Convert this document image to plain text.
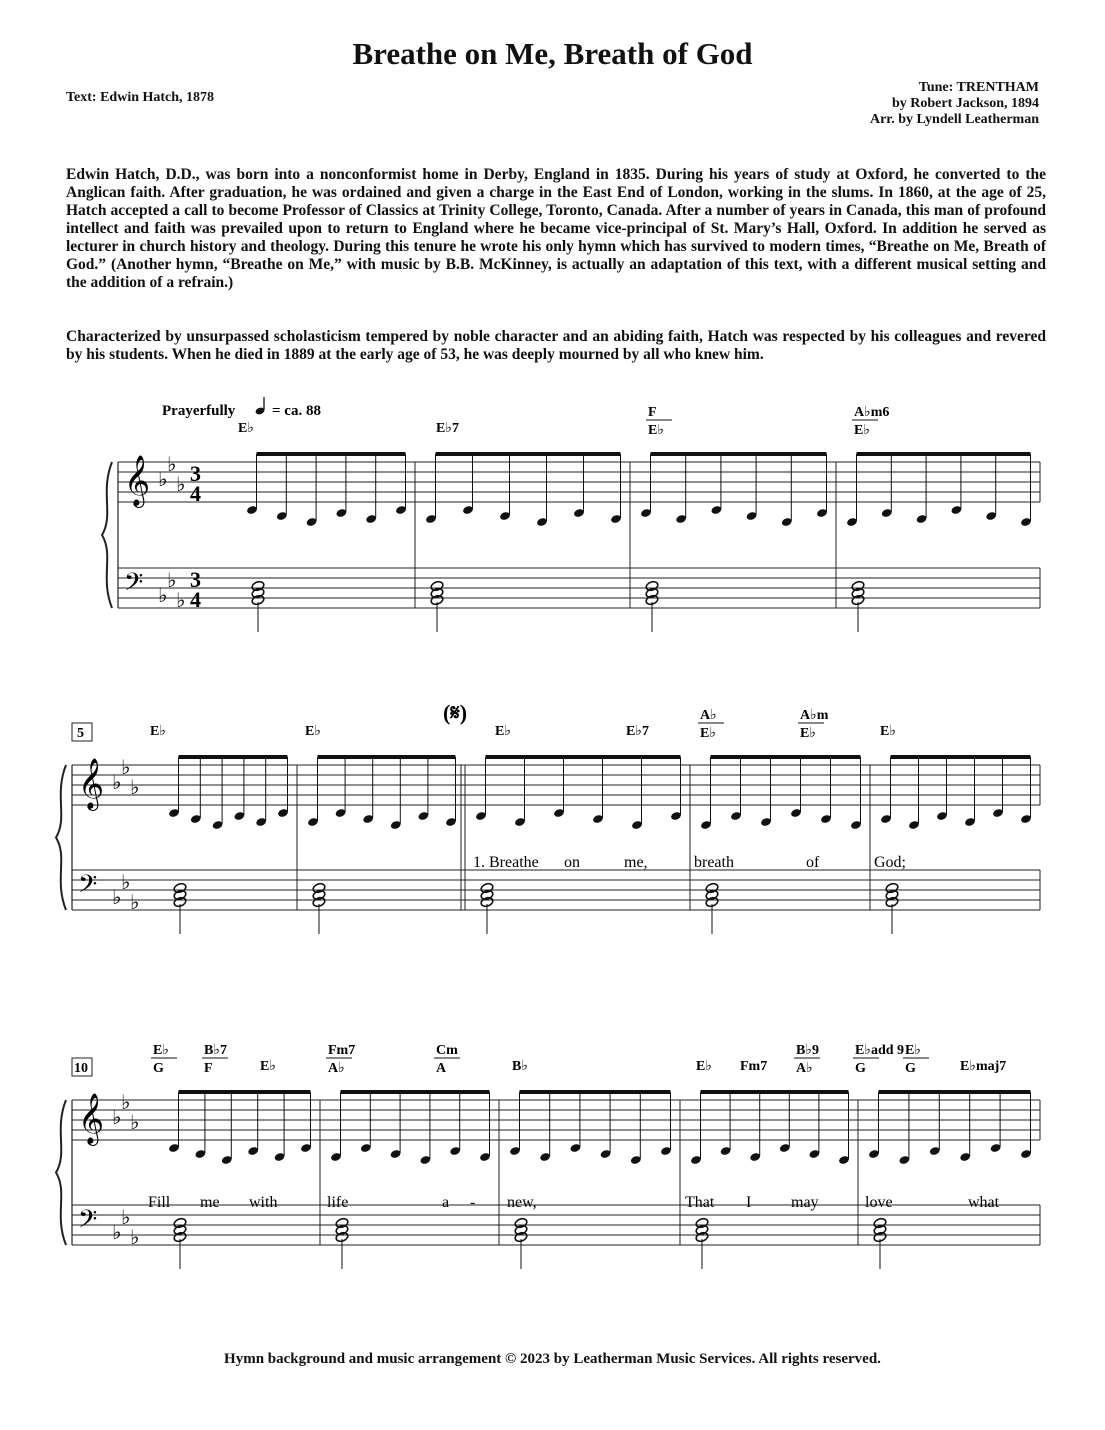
Breathe on Me, Breath of God
Text: Edwin Hatch, 1878
Tune: TRENTHAM
by Robert Jackson, 1894
Arr. by Lyndell Leatherman

Edwin Hatch, D.D., was born into a nonconformist home in Derby, England in 1835. During his years of study at Oxford, he converted to the Anglican faith. After graduation, he was ordained and given a charge in the East End of London, working in the slums. In 1860, at the age of 25, Hatch accepted a call to become Professor of Classics at Trinity College, Toronto, Canada. After a number of years in Canada, this man of profound intellect and faith was prevailed upon to return to England where he became vice-principal of St. Mary’s Hall, Oxford. In addition he served as lecturer in church history and theology. During this tenure he wrote his only hymn which has survived to modern times, “Breathe on Me, Breath of God.” (Another hymn, “Breathe on Me,” with music by B.B. McKinney, is actually an adaptation of this text, with a different musical setting and the addition of a refrain.)

Characterized by unsurpassed scholasticism tempered by noble character and an abiding faith, Hatch was respected by his colleagues and revered by his students. When he died in 1889 at the early age of 53, he was deeply mourned by all who knew him.

Prayerfully = ca. 88
(𝄋)
𝄞
𝄢
♭
♭
♭
♭
♭
♭
3
4
3
4
𝄞
𝄢
♭
♭
♭
♭
♭
♭
𝄞
𝄢
♭
♭
♭
♭
♭
♭
E♭	E♭7
F
E♭
A♭m6
E♭
E♭	E♭	E♭	E♭7
A♭
E♭
A♭m
E♭	E♭
E♭
G
B♭7
F	E♭
Fm7
A♭
Cm
A	B♭	E♭ Fm7
B♭9
A♭
E♭add 9
G
E♭
G	E♭maj7
1. Breathe on	me,	breath	of	God;
Fill me with	life	a - new,	That I may	love	what
5
10
Hymn background and music arrangement © 2023 by Leatherman Music Services. All rights reserved.
